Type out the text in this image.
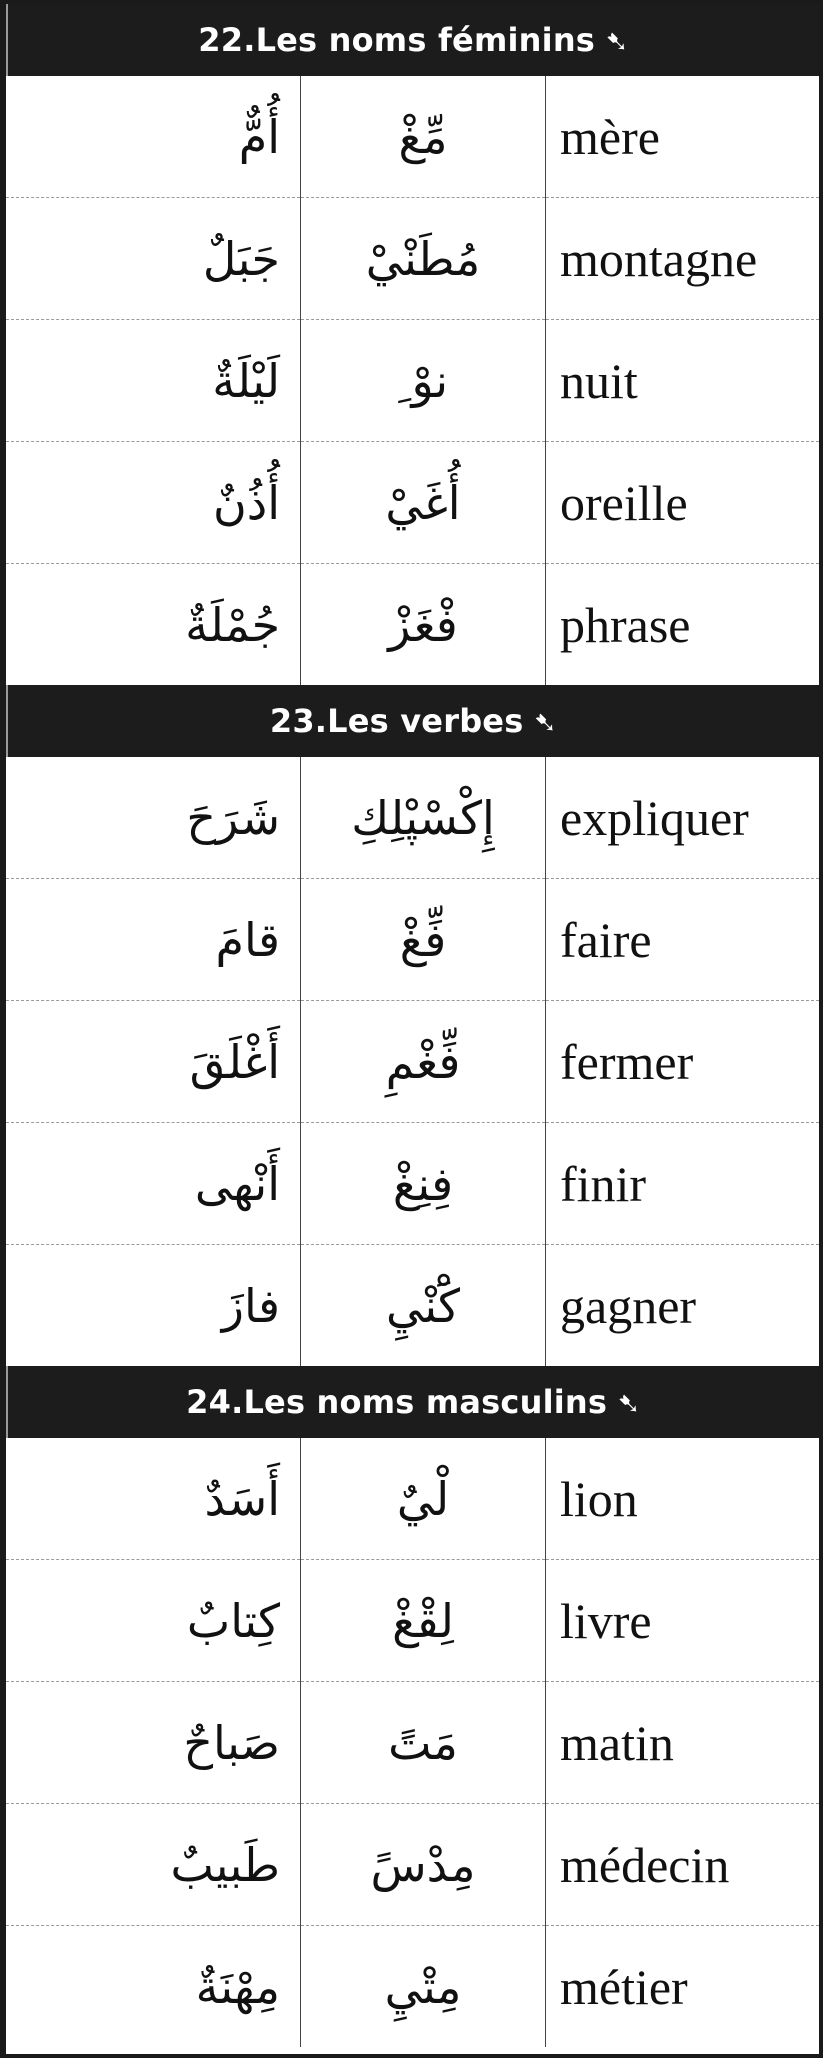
22. Les noms féminins ➷
أُمٌّ	مِّغْ	mère
جَبَلٌ	مُطَنْيْ	montagne
لَيْلَةٌ	نوْ ِ	nuit
أُذُنٌ	أُغَيْ	oreille
جُمْلَةٌ	فْغَزْ	phrase
23. Les verbes ➷
شَرَحَ	إِكْسْپْلِكِ	expliquer
قامَ	فِّغْ	faire
أَغْلَقَ	فِّغْمِ	fermer
أَنْهى	فِنِغْ	finir
فازَ	كَْنْيِ	gagner
24. Les noms masculins ➷
أَسَدٌ	لْيٌ	lion
كِتابٌ	لِقْغْ	livre
صَباحٌ	مَتً	matin
طَبيبٌ	مِدْسً	médecin
مِهْنَةٌ	مِتْيِ	métier
